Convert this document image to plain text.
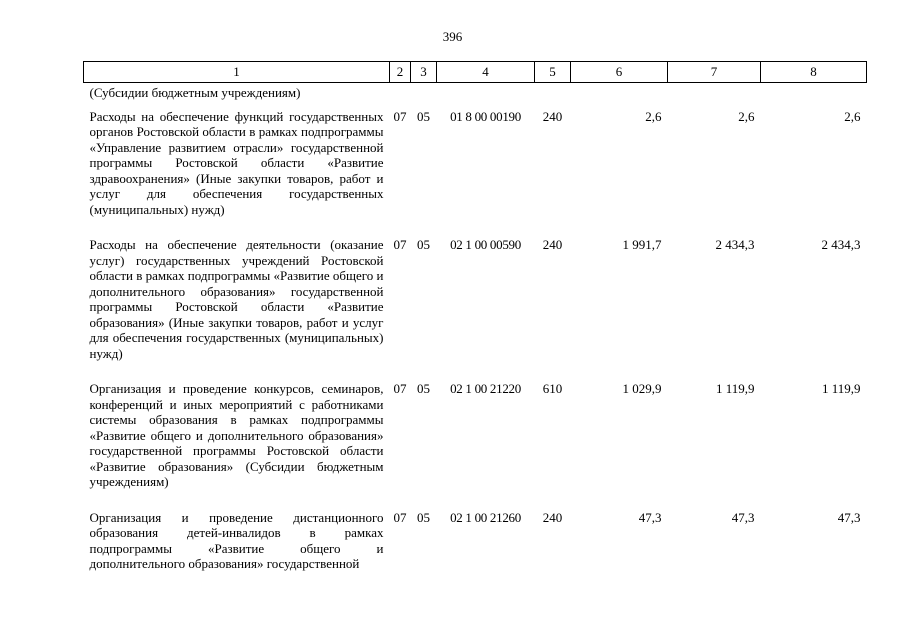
396
1	2	3	4	5	6	7	8
(Субсидии бюджетным учреждениям)							
Расходы на обеспечение функций государственных органов Ростовской области в рамках подпрограммы «Управление развитием отрасли» государственной программы Ростовской области «Развитие здравоохранения» (Иные закупки товаров, работ и услуг для обеспечения государственных (муниципальных) нужд)	07	05	01 8 00 00190	240	2,6	2,6	2,6
Расходы на обеспечение деятельности (оказание услуг) государственных учреждений Ростовской области в рамках подпрограммы «Развитие общего и дополнительного образования» государственной программы Ростовской области «Развитие образования» (Иные закупки товаров, работ и услуг для обеспечения государственных (муниципальных) нужд)	07	05	02 1 00 00590	240	1 991,7	2 434,3	2 434,3
Организация и проведение конкурсов, семинаров, конференций и иных мероприятий с работниками системы образования в рамках подпрограммы «Развитие общего и дополнительного образования» государственной программы Ростовской области «Развитие образования» (Субсидии бюджетным учреждениям)	07	05	02 1 00 21220	610	1 029,9	1 119,9	1 119,9
Организация и проведение дистанционного образования детей-инвалидов в рамках подпрограммы «Развитие общего и дополнительного образования» государственной	07	05	02 1 00 21260	240	47,3	47,3	47,3
